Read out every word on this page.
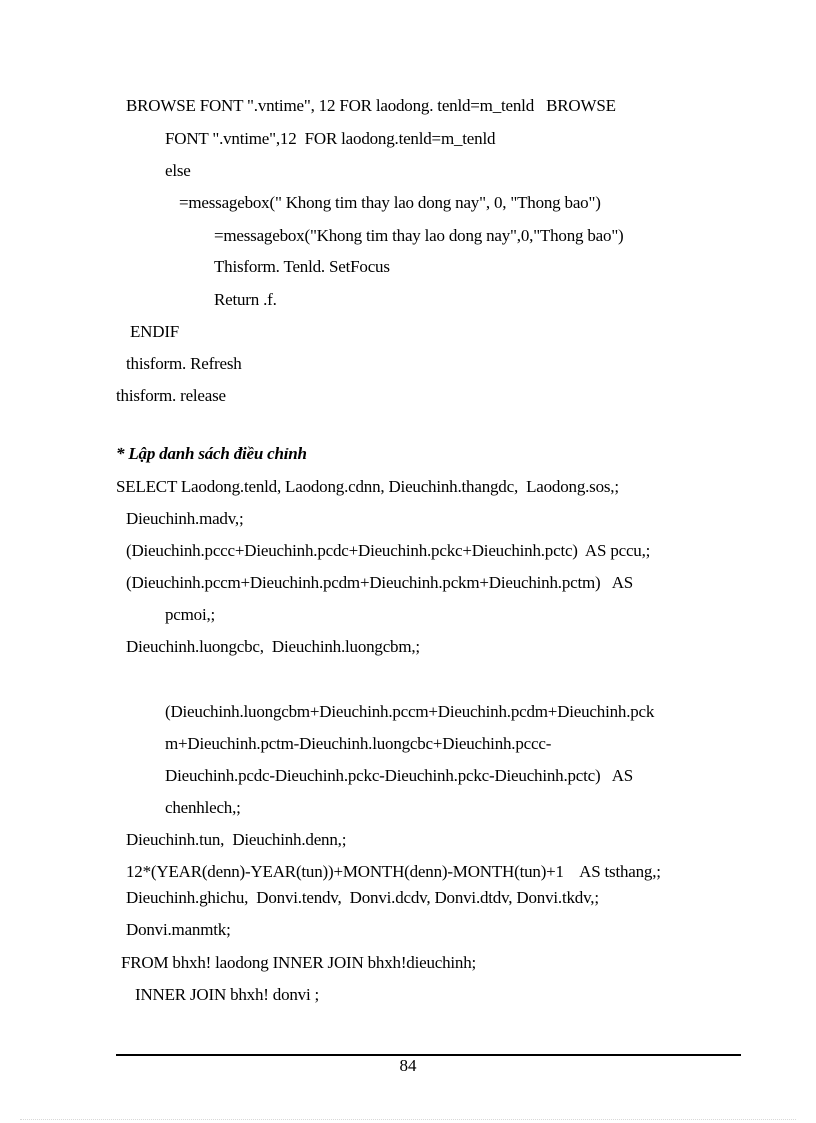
BROWSE FONT ".vntime", 12 FOR laodong. tenld=m_tenld   BROWSE
FONT ".vntime",12  FOR laodong.tenld=m_tenld
else
=messagebox(" Khong tim thay lao dong nay", 0, "Thong bao")
=messagebox("Khong tim thay lao dong nay",0,"Thong bao")
Thisform. Tenld. SetFocus
Return .f.
ENDIF
thisform. Refresh
thisform. release
* Lập danh sách điều chỉnh
SELECT Laodong.tenld, Laodong.cdnn, Dieuchinh.thangdc,  Laodong.sos,;
Dieuchinh.madv,;
(Dieuchinh.pccc+Dieuchinh.pcdc+Dieuchinh.pckc+Dieuchinh.pctc)  AS pccu,;
(Dieuchinh.pccm+Dieuchinh.pcdm+Dieuchinh.pckm+Dieuchinh.pctm)   AS
pcmoi,;
Dieuchinh.luongcbc,  Dieuchinh.luongcbm,;
(Dieuchinh.luongcbm+Dieuchinh.pccm+Dieuchinh.pcdm+Dieuchinh.pck
m+Dieuchinh.pctm-Dieuchinh.luongcbc+Dieuchinh.pccc-
Dieuchinh.pcdc-Dieuchinh.pckc-Dieuchinh.pckc-Dieuchinh.pctc)   AS
chenhlech,;
Dieuchinh.tun,  Dieuchinh.denn,;
12*(YEAR(denn)-YEAR(tun))+MONTH(denn)-MONTH(tun)+1    AS tsthang,;
Dieuchinh.ghichu,  Donvi.tendv,  Donvi.dcdv, Donvi.dtdv, Donvi.tkdv,;
Donvi.manmtk;
FROM bhxh! laodong INNER JOIN bhxh!dieuchinh;
INNER JOIN bhxh! donvi ;
84
